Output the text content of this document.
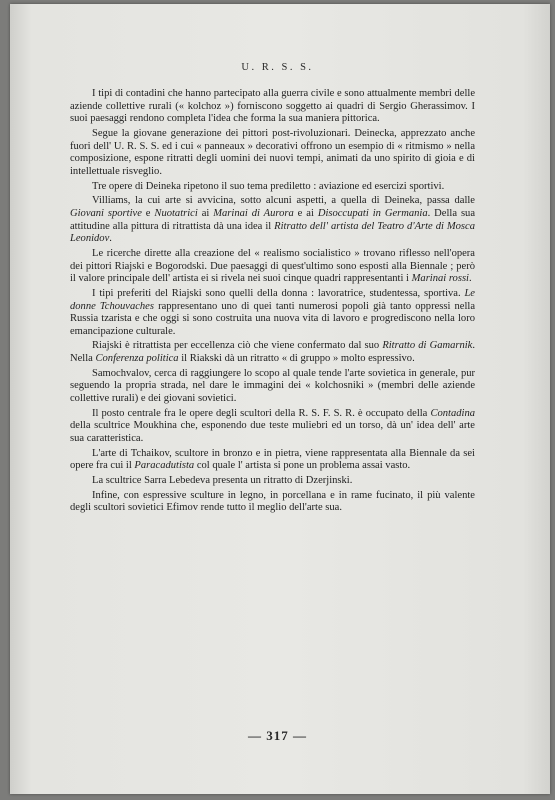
U. R. S. S.

I tipi di contadini che hanno partecipato alla guerra civile e sono attualmente membri delle aziende collettive rurali (« kolchoz ») forniscono soggetto ai quadri di Sergio Gherassimov. I suoi paesaggi rendono completa l'idea che forma la sua maniera pittorica.

Segue la giovane generazione dei pittori post-rivoluzionari. Deinecka, apprezzato anche fuori dell' U. R. S. S. ed i cui « panneaux » decorativi offrono un esempio di « ritmismo » nella composizione, espone ritratti degli uomini dei nuovi tempi, animati da uno spirito di gioia e di intellettuale risveglio.

Tre opere di Deineka ripetono il suo tema prediletto : aviazione ed esercizi sportivi.

Villiams, la cui arte si avvicina, sotto alcuni aspetti, a quella di Deineka, passa dalle Giovani sportive e Nuotatrici ai Marinai di Aurora e ai Disoccupati in Germania. Della sua attitudine alla pittura di ritrattista dà una idea il Ritratto dell' artista del Teatro d'Arte di Mosca Leonidov.

Le ricerche dirette alla creazione del « realismo socialistico » trovano riflesso nell'opera dei pittori Riajski e Bogorodski. Due paesaggi di quest'ultimo sono esposti alla Biennale ; però il valore principale dell' artista ei si rivela nei suoi cinque quadri rappresentanti i Marinai rossi.

I tipi preferiti del Riajski sono quelli della donna : lavoratrice, studentessa, sportiva. Le donne Tchouvaches rappresentano uno di quei tanti numerosi popoli già tanto oppressi nella Russia tzarista e che oggi si sono costruita una nuova vita di lavoro e progrediscono nella loro emancipazione culturale.

Riajski è ritrattista per eccellenza ciò che viene confermato dal suo Ritratto di Gamarnik. Nella Conferenza politica il Riakski dà un ritratto « di gruppo » molto espressivo.

Samochvalov, cerca di raggiungere lo scopo al quale tende l'arte sovietica in generale, pur seguendo la propria strada, nel dare le immagini dei « kolchosniki » (membri delle aziende collettive rurali) e dei giovani sovietici.

Il posto centrale fra le opere degli scultori della R. S. F. S. R. è occupato della Contadina della scultrice Moukhina che, esponendo due teste muliebri ed un torso, dà un' idea dell' arte sua caratteristica.

L'arte di Tchaikov, scultore in bronzo e in pietra, viene rappresentata alla Biennale da sei opere fra cui il Paracadutista col quale l' artista si pone un problema assai vasto.

La scultrice Sarra Lebedeva presenta un ritratto di Dzerjinski.

Infine, con espressive sculture in legno, in porcellana e in rame fucinato, il più valente degli scultori sovietici Efimov rende tutto il meglio dell'arte sua.

— 317 —
